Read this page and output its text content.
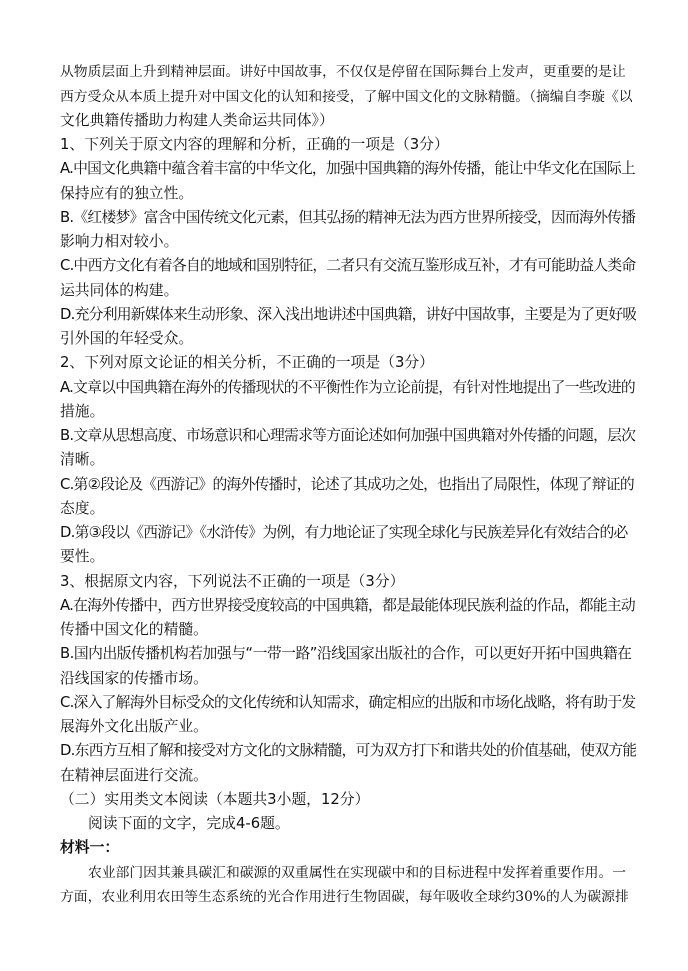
从物质层面上升到精神层面。讲好中国故事，不仅仅是停留在国际舞台上发声，更重要的是让
西方受众从本质上提升对中国文化的认知和接受，了解中国文化的文脉精髓。（摘编自李璇《以
文化典籍传播助力构建人类命运共同体》）
1、下列关于原文内容的理解和分析，正确的一项是（3分）
A.中国文化典籍中蕴含着丰富的中华文化，加强中国典籍的海外传播，能让中华文化在国际上
保持应有的独立性。
B.《红楼梦》富含中国传统文化元素，但其弘扬的精神无法为西方世界所接受，因而海外传播
影响力相对较小。
C.中西方文化有着各自的地域和国别特征，二者只有交流互鉴形成互补，才有可能助益人类命
运共同体的构建。
D.充分利用新媒体来生动形象、深入浅出地讲述中国典籍，讲好中国故事，主要是为了更好吸
引外国的年轻受众。
2、下列对原文论证的相关分析，不正确的一项是（3分）
A.文章以中国典籍在海外的传播现状的不平衡性作为立论前提，有针对性地提出了一些改进的
措施。
B.文章从思想高度、市场意识和心理需求等方面论述如何加强中国典籍对外传播的问题，层次
清晰。
C.第②段论及《西游记》的海外传播时，论述了其成功之处，也指出了局限性，体现了辩证的
态度。
D.第③段以《西游记》《水浒传》为例，有力地论证了实现全球化与民族差异化有效结合的必
要性。
3、根据原文内容，下列说法不正确的一项是（3分）
A.在海外传播中，西方世界接受度较高的中国典籍，都是最能体现民族利益的作品，都能主动
传播中国文化的精髓。
B.国内出版传播机构若加强与“一带一路”沿线国家出版社的合作，可以更好开拓中国典籍在
沿线国家的传播市场。
C.深入了解海外目标受众的文化传统和认知需求，确定相应的出版和市场化战略，将有助于发
展海外文化出版产业。
D.东西方互相了解和接受对方文化的文脉精髓，可为双方打下和谐共处的价值基础，使双方能
在精神层面进行交流。
（二）实用类文本阅读（本题共3小题，12分）
阅读下面的文字，完成4-6题。
材料一：
农业部门因其兼具碳汇和碳源的双重属性在实现碳中和的目标进程中发挥着重要作用。一
方面，农业利用农田等生态系统的光合作用进行生物固碳，每年吸收全球约30%的人为碳源排
